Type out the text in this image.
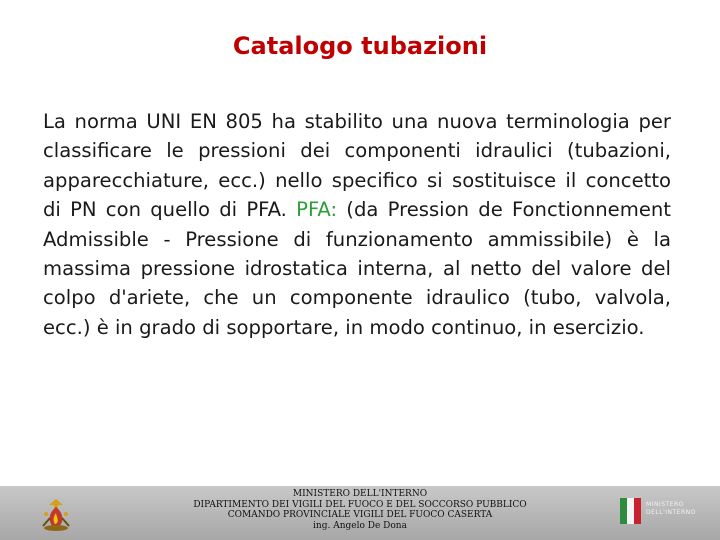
Catalogo tubazioni
La norma UNI EN 805 ha stabilito una nuova terminologia per classificare le pressioni dei componenti idraulici (tubazioni, apparecchiature, ecc.) nello specifico si sostituisce il concetto di PN con quello di PFA. PFA: (da Pression de Fonctionnement Admissible - Pressione di funzionamento ammissibile) è la massima pressione idrostatica interna, al netto del valore del colpo d'ariete, che un componente idraulico (tubo, valvola, ecc.) è in grado di sopportare, in modo continuo, in esercizio.
MINISTERO DELL'INTERNO
DIPARTIMENTO DEI VIGILI DEL FUOCO E DEL SOCCORSO PUBBLICO
COMANDO PROVINCIALE VIGILI DEL FUOCO CASERTA
ing. Angelo De Dona
MINISTERO
DELL'INTERNO
